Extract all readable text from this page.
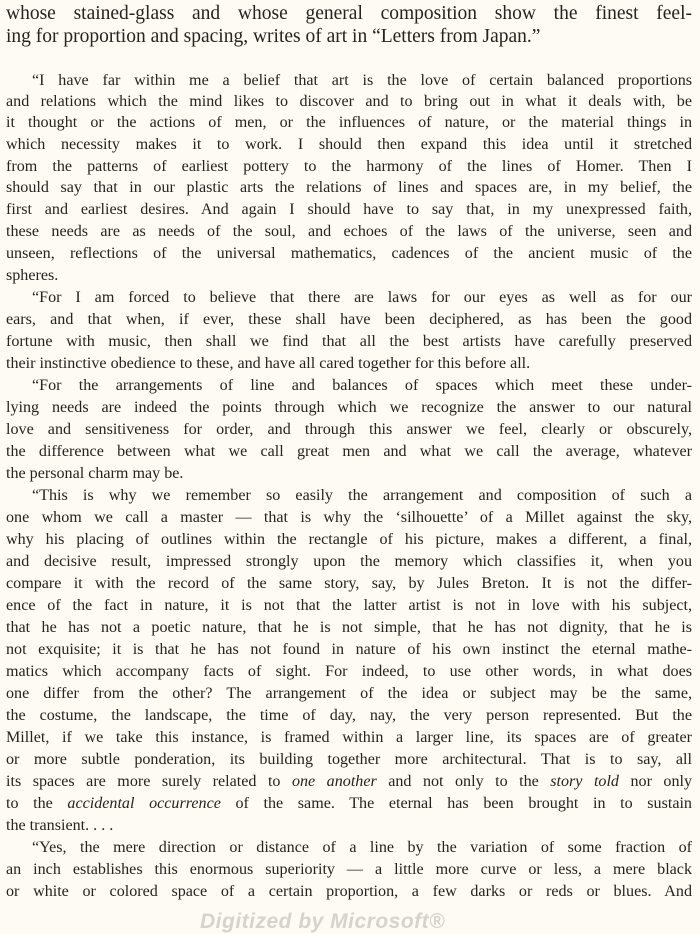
whose stained-glass and whose general composition show the finest feel-
ing for proportion and spacing, writes of art in “Letters from Japan.”
“I have far within me a belief that art is the love of certain balanced proportions
and relations which the mind likes to discover and to bring out in what it deals with, be
it thought or the actions of men, or the influences of nature, or the material things in
which necessity makes it to work. I should then expand this idea until it stretched
from the patterns of earliest pottery to the harmony of the lines of Homer. Then I
should say that in our plastic arts the relations of lines and spaces are, in my belief, the
first and earliest desires. And again I should have to say that, in my unexpressed faith,
these needs are as needs of the soul, and echoes of the laws of the universe, seen and
unseen, reflections of the universal mathematics, cadences of the ancient music of the
spheres.
“For I am forced to believe that there are laws for our eyes as well as for our
ears, and that when, if ever, these shall have been deciphered, as has been the good
fortune with music, then shall we find that all the best artists have carefully preserved
their instinctive obedience to these, and have all cared together for this before all.
“For the arrangements of line and balances of spaces which meet these under-
lying needs are indeed the points through which we recognize the answer to our natural
love and sensitiveness for order, and through this answer we feel, clearly or obscurely,
the difference between what we call great men and what we call the average, whatever
the personal charm may be.
“This is why we remember so easily the arrangement and composition of such a
one whom we call a master — that is why the ‘silhouette’ of a Millet against the sky,
why his placing of outlines within the rectangle of his picture, makes a different, a final,
and decisive result, impressed strongly upon the memory which classifies it, when you
compare it with the record of the same story, say, by Jules Breton. It is not the differ-
ence of the fact in nature, it is not that the latter artist is not in love with his subject,
that he has not a poetic nature, that he is not simple, that he has not dignity, that he is
not exquisite; it is that he has not found in nature of his own instinct the eternal mathe-
matics which accompany facts of sight. For indeed, to use other words, in what does
one differ from the other? The arrangement of the idea or subject may be the same,
the costume, the landscape, the time of day, nay, the very person represented. But the
Millet, if we take this instance, is framed within a larger line, its spaces are of greater
or more subtle ponderation, its building together more architectural. That is to say, all
its spaces are more surely related to one another and not only to the story told nor only
to the accidental occurrence of the same. The eternal has been brought in to sustain
the transient. . . .
“Yes, the mere direction or distance of a line by the variation of some fraction of
an inch establishes this enormous superiority — a little more curve or less, a mere black
or white or colored space of a certain proportion, a few darks or reds or blues. And
Digitized by Microsoft®
